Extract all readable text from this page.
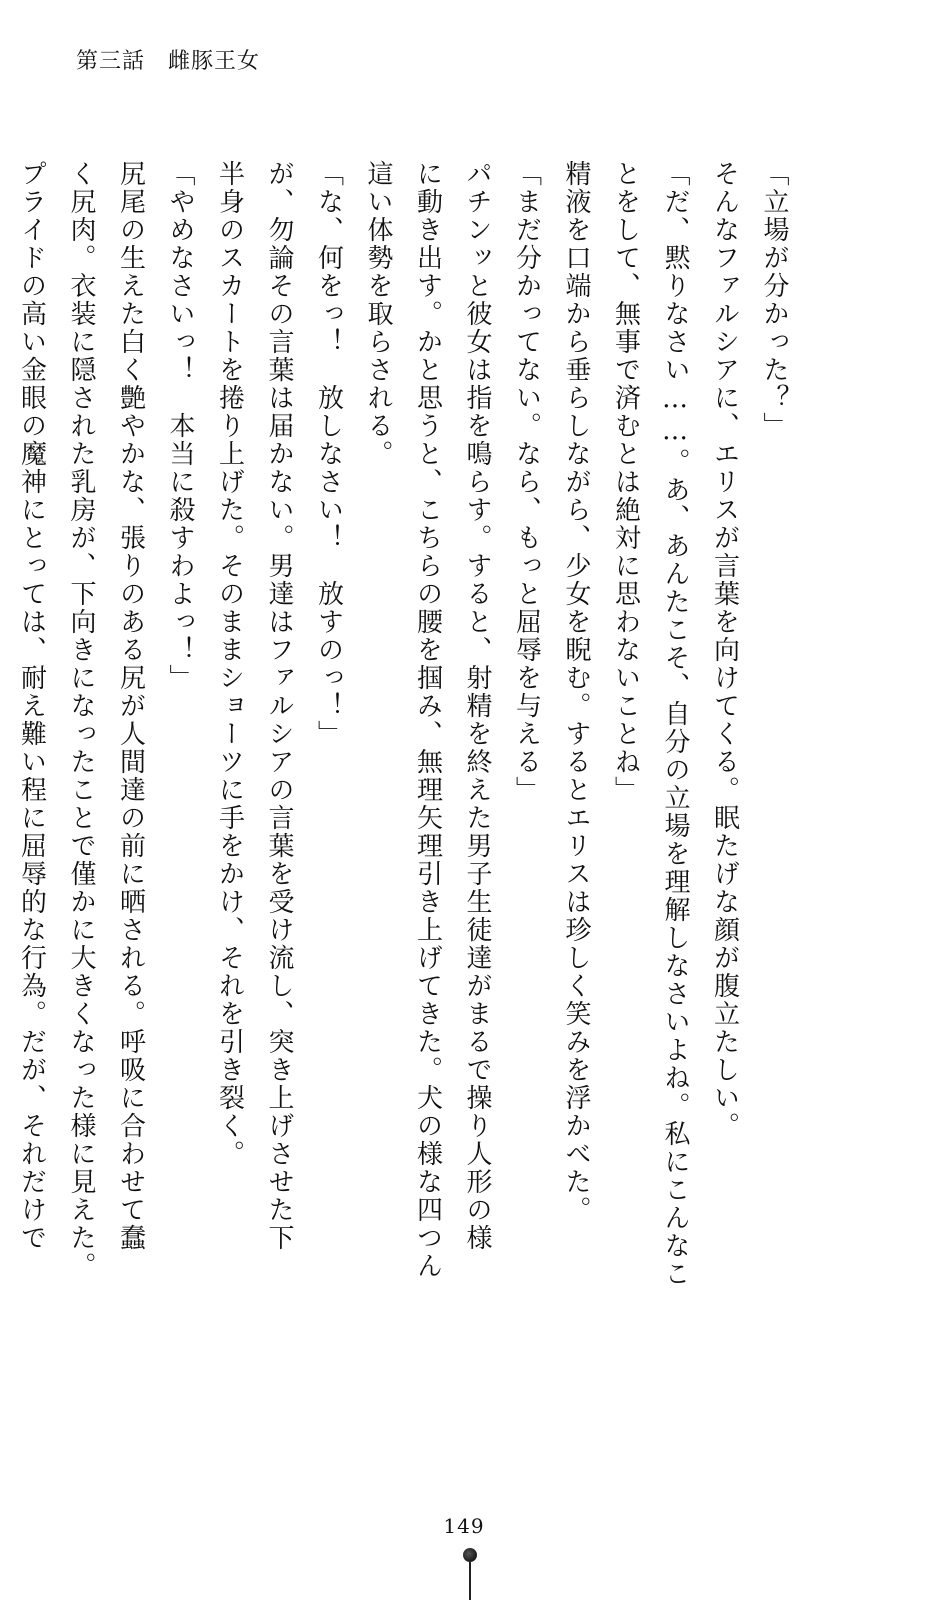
第三話　雌豚王女

「立場が分かった？」

そんなファルシアに、エリスが言葉を向けてくる。眠たげな顔が腹立たしい。

「だ、黙りなさい……。あ、あんたこそ、自分の立場を理解しなさいよね。私にこんなこ

とをして、無事で済むとは絶対に思わないことね」

精液を口端から垂らしながら、少女を睨む。するとエリスは珍しく笑みを浮かべた。

「まだ分かってない。なら、もっと屈辱を与える」

パチンッと彼女は指を鳴らす。すると、射精を終えた男子生徒達がまるで操り人形の様

に動き出す。かと思うと、こちらの腰を掴み、無理矢理引き上げてきた。犬の様な四つん

這い体勢を取らされる。

「な、何をっ！　放しなさい！　放すのっ！」

が、勿論その言葉は届かない。男達はファルシアの言葉を受け流し、突き上げさせた下

半身のスカートを捲り上げた。そのままショーツに手をかけ、それを引き裂く。

「やめなさいっ！　本当に殺すわよっ！」

尻尾の生えた白く艶やかな、張りのある尻が人間達の前に晒される。呼吸に合わせて蠢

く尻肉。衣装に隠された乳房が、下向きになったことで僅かに大きくなった様に見えた。

プライドの高い金眼の魔神にとっては、耐え難い程に屈辱的な行為。だが、それだけで

149
